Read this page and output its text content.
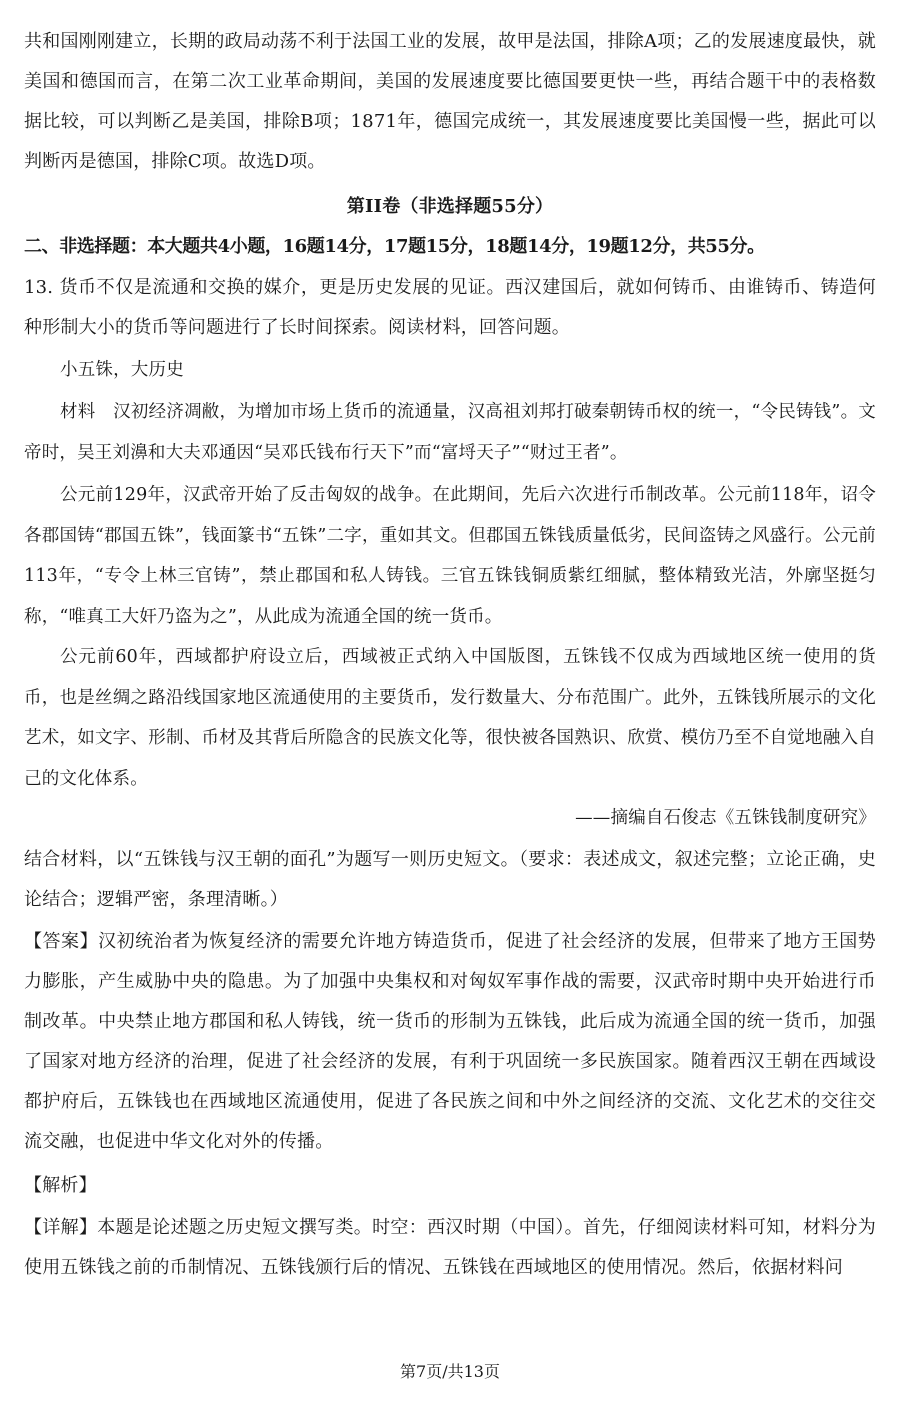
共和国刚刚建立，长期的政局动荡不利于法国工业的发展，故甲是法国，排除A项；乙的发展速度最快，就美国和德国而言，在第二次工业革命期间，美国的发展速度要比德国要更快一些，再结合题干中的表格数据比较，可以判断乙是美国，排除B项；1871年，德国完成统一，其发展速度要比美国慢一些，据此可以判断丙是德国，排除C项。故选D项。

第II卷（非选择题55分）

二、非选择题：本大题共4小题，16题14分，17题15分，18题14分，19题12分，共55分。

13. 货币不仅是流通和交换的媒介，更是历史发展的见证。西汉建国后，就如何铸币、由谁铸币、铸造何种形制大小的货币等问题进行了长时间探索。阅读材料，回答问题。

小五铢，大历史

材料　汉初经济凋敝，为增加市场上货币的流通量，汉高祖刘邦打破秦朝铸币权的统一，“令民铸钱”。文帝时，吴王刘濞和大夫邓通因“吴邓氏钱布行天下”而“富埒天子”“财过王者”。

公元前129年，汉武帝开始了反击匈奴的战争。在此期间，先后六次进行币制改革。公元前118年，诏令各郡国铸“郡国五铢”，钱面篆书“五铢”二字，重如其文。但郡国五铢钱质量低劣，民间盗铸之风盛行。公元前113年，“专令上林三官铸”，禁止郡国和私人铸钱。三官五铢钱铜质紫红细腻，整体精致光洁，外廓坚挺匀称，“唯真工大奸乃盗为之”，从此成为流通全国的统一货币。

公元前60年，西域都护府设立后，西域被正式纳入中国版图，五铢钱不仅成为西域地区统一使用的货币，也是丝绸之路沿线国家地区流通使用的主要货币，发行数量大、分布范围广。此外，五铢钱所展示的文化艺术，如文字、形制、币材及其背后所隐含的民族文化等，很快被各国熟识、欣赏、模仿乃至不自觉地融入自己的文化体系。

——摘编自石俊志《五铢钱制度研究》

结合材料，以“五铢钱与汉王朝的面孔”为题写一则历史短文。（要求：表述成文，叙述完整；立论正确，史论结合；逻辑严密，条理清晰。）

【答案】汉初统治者为恢复经济的需要允许地方铸造货币，促进了社会经济的发展，但带来了地方王国势力膨胀，产生威胁中央的隐患。为了加强中央集权和对匈奴军事作战的需要，汉武帝时期中央开始进行币制改革。中央禁止地方郡国和私人铸钱，统一货币的形制为五铢钱，此后成为流通全国的统一货币，加强了国家对地方经济的治理，促进了社会经济的发展，有利于巩固统一多民族国家。随着西汉王朝在西域设都护府后，五铢钱也在西域地区流通使用，促进了各民族之间和中外之间经济的交流、文化艺术的交往交流交融，也促进中华文化对外的传播。

【解析】

【详解】本题是论述题之历史短文撰写类。时空：西汉时期（中国）。首先，仔细阅读材料可知，材料分为使用五铢钱之前的币制情况、五铢钱颁行后的情况、五铢钱在西域地区的使用情况。然后，依据材料问

第7页/共13页
